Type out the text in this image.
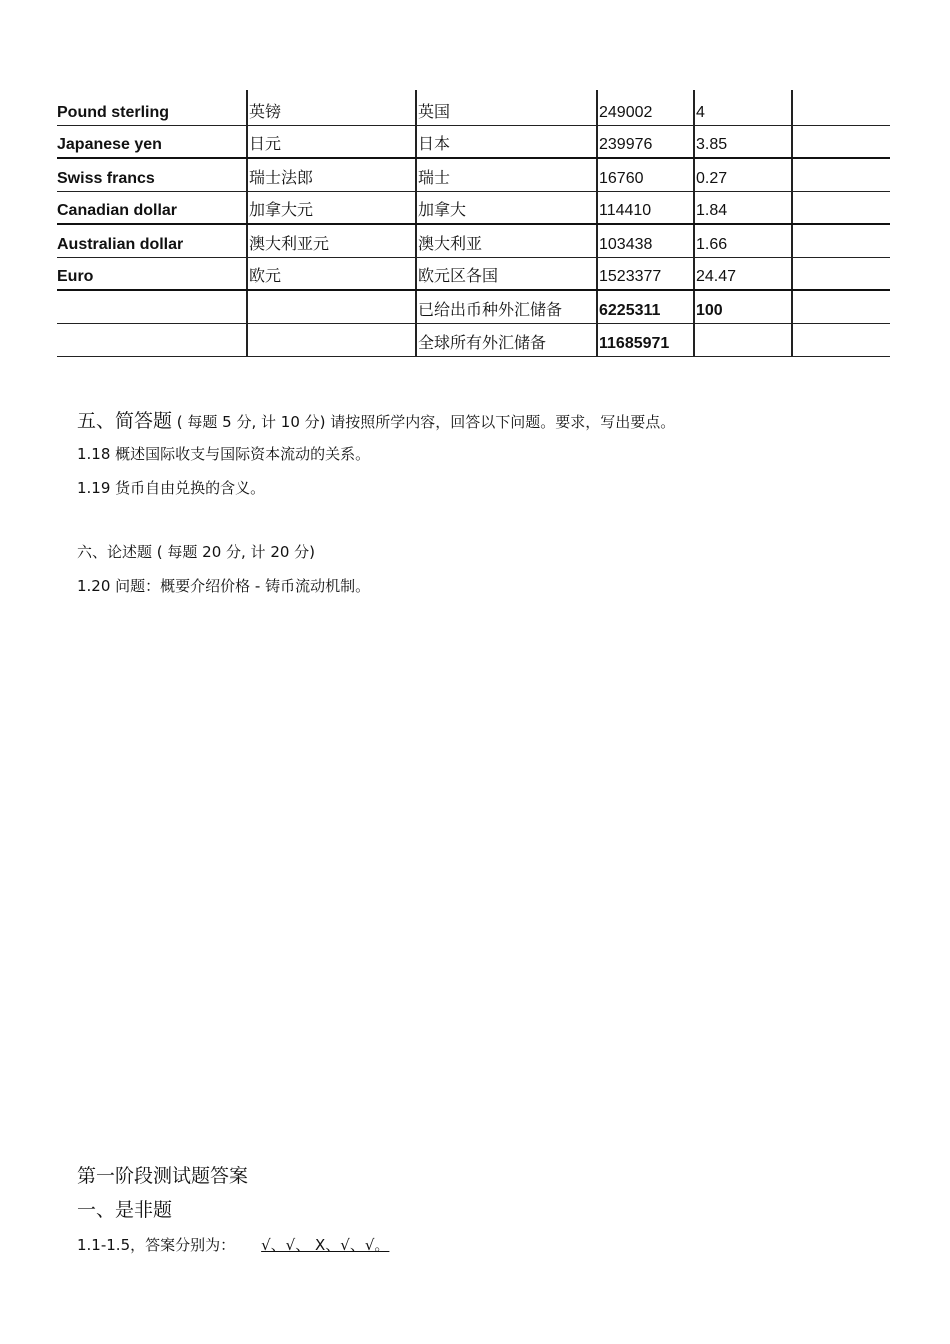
Pound sterling	英镑	英国	249002	4	
Japanese yen	日元	日本	239976	3.85	
Swiss francs	瑞士法郎	瑞士	16760	0.27	
Canadian dollar	加拿大元	加拿大	114410	1.84	
Australian dollar	澳大利亚元	澳大利亚	103438	1.66	
Euro	欧元	欧元区各国	1523377	24.47	
		已给出币种外汇储备	6225311	100	
		全球所有外汇储备	11685971		
五、简答题 ( 每题 5 分, 计 10 分) 请按照所学内容，回答以下问题。要求，写出要点。
1.18 概述国际收支与国际资本流动的关系。
1.19 货币自由兑换的含义。
六、论述题 ( 每题 20 分, 计 20 分)
1.20 问题：概要介绍价格 - 铸币流动机制。
第一阶段测试题答案
一、是非题
1.1-1.5，答案分别为： √、√、 X、√、√。
